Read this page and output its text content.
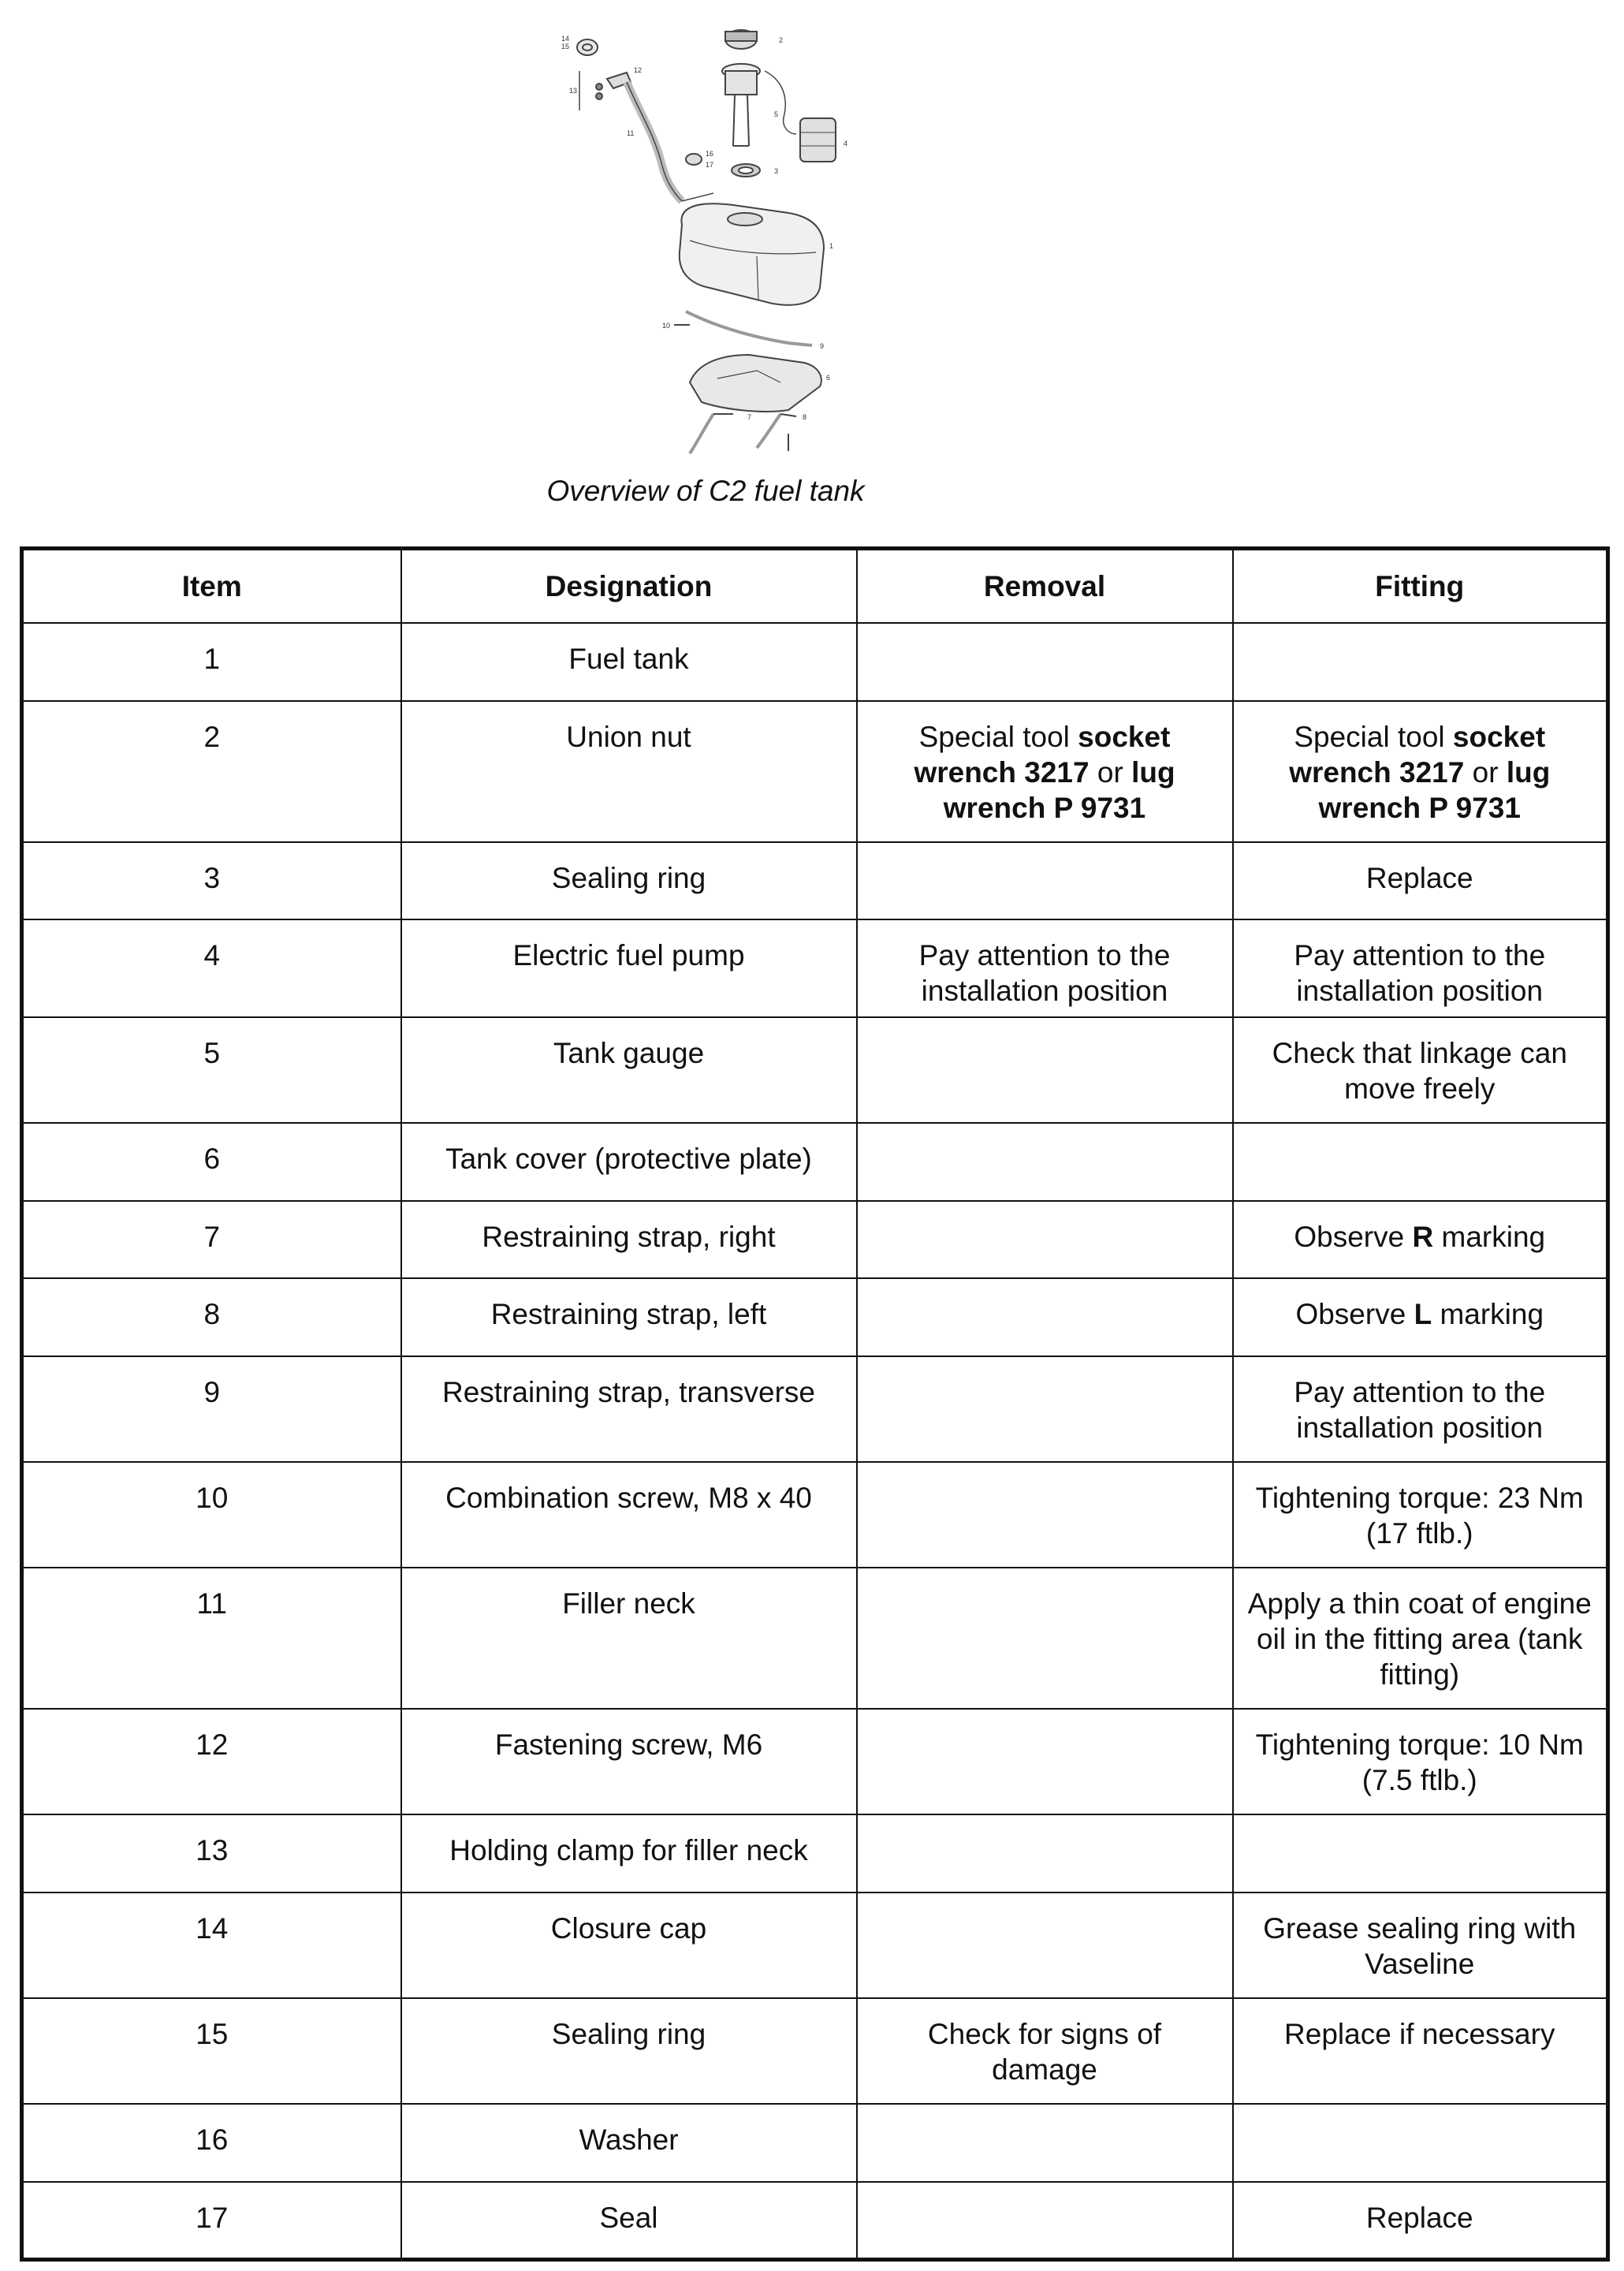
14
15
12
13
11
16
17
2
5
4
3
1
10
9
6
7	8
Overview of C2 fuel tank
Item	Designation	Removal	Fitting
1	Fuel tank		
2	Union nut	Special tool socket wrench 3217 or lug wrench P 9731	Special tool socket wrench 3217 or lug wrench P 9731
3	Sealing ring		Replace
4	Electric fuel pump	Pay attention to the installation position	Pay attention to the installation position
5	Tank gauge		Check that linkage can move freely
6	Tank cover (protective plate)		
7	Restraining strap, right		Observe R marking
8	Restraining strap, left		Observe L marking
9	Restraining strap, transverse		Pay attention to the installation position
10	Combination screw, M8 x 40		Tightening torque: 23 Nm (17 ftlb.)
11	Filler neck		Apply a thin coat of engine oil in the fitting area (tank fitting)
12	Fastening screw, M6		Tightening torque: 10 Nm (7.5 ftlb.)
13	Holding clamp for filler neck		
14	Closure cap		Grease sealing ring with Vaseline
15	Sealing ring	Check for signs of damage	Replace if necessary
16	Washer		
17	Seal		Replace
